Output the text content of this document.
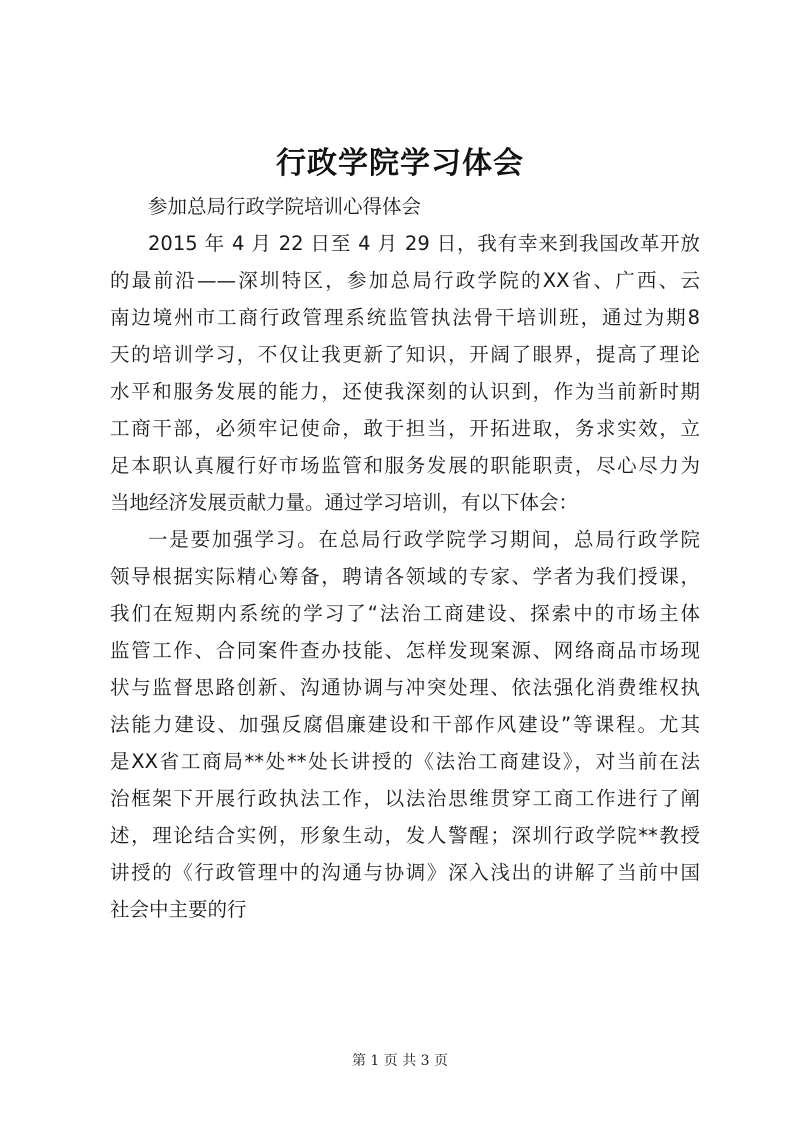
行政学院学习体会
参加总局行政学院培训心得体会
2015 年 4 月 22 日至 4 月 29 日，我有幸来到我国改革开放
的最前沿——深圳特区，参加总局行政学院的XX省、广西、云
南边境州市工商行政管理系统监管执法骨干培训班，通过为期8
天的培训学习，不仅让我更新了知识，开阔了眼界，提高了理论
水平和服务发展的能力，还使我深刻的认识到，作为当前新时期
工商干部，必须牢记使命，敢于担当，开拓进取，务求实效，立
足本职认真履行好市场监管和服务发展的职能职责，尽心尽力为
当地经济发展贡献力量。通过学习培训，有以下体会：
一是要加强学习。在总局行政学院学习期间，总局行政学院
领导根据实际精心筹备，聘请各领域的专家、学者为我们授课，
我们在短期内系统的学习了“法治工商建设、探索中的市场主体
监管工作、合同案件查办技能、怎样发现案源、网络商品市场现
状与监督思路创新、沟通协调与冲突处理、依法强化消费维权执
法能力建设、加强反腐倡廉建设和干部作风建设”等课程。尤其
是XX省工商局**处**处长讲授的《法治工商建设》，对当前在法
治框架下开展行政执法工作，以法治思维贯穿工商工作进行了阐
述，理论结合实例，形象生动，发人警醒；深圳行政学院**教授
讲授的《行政管理中的沟通与协调》深入浅出的讲解了当前中国
社会中主要的行
第 1 页 共 3 页
